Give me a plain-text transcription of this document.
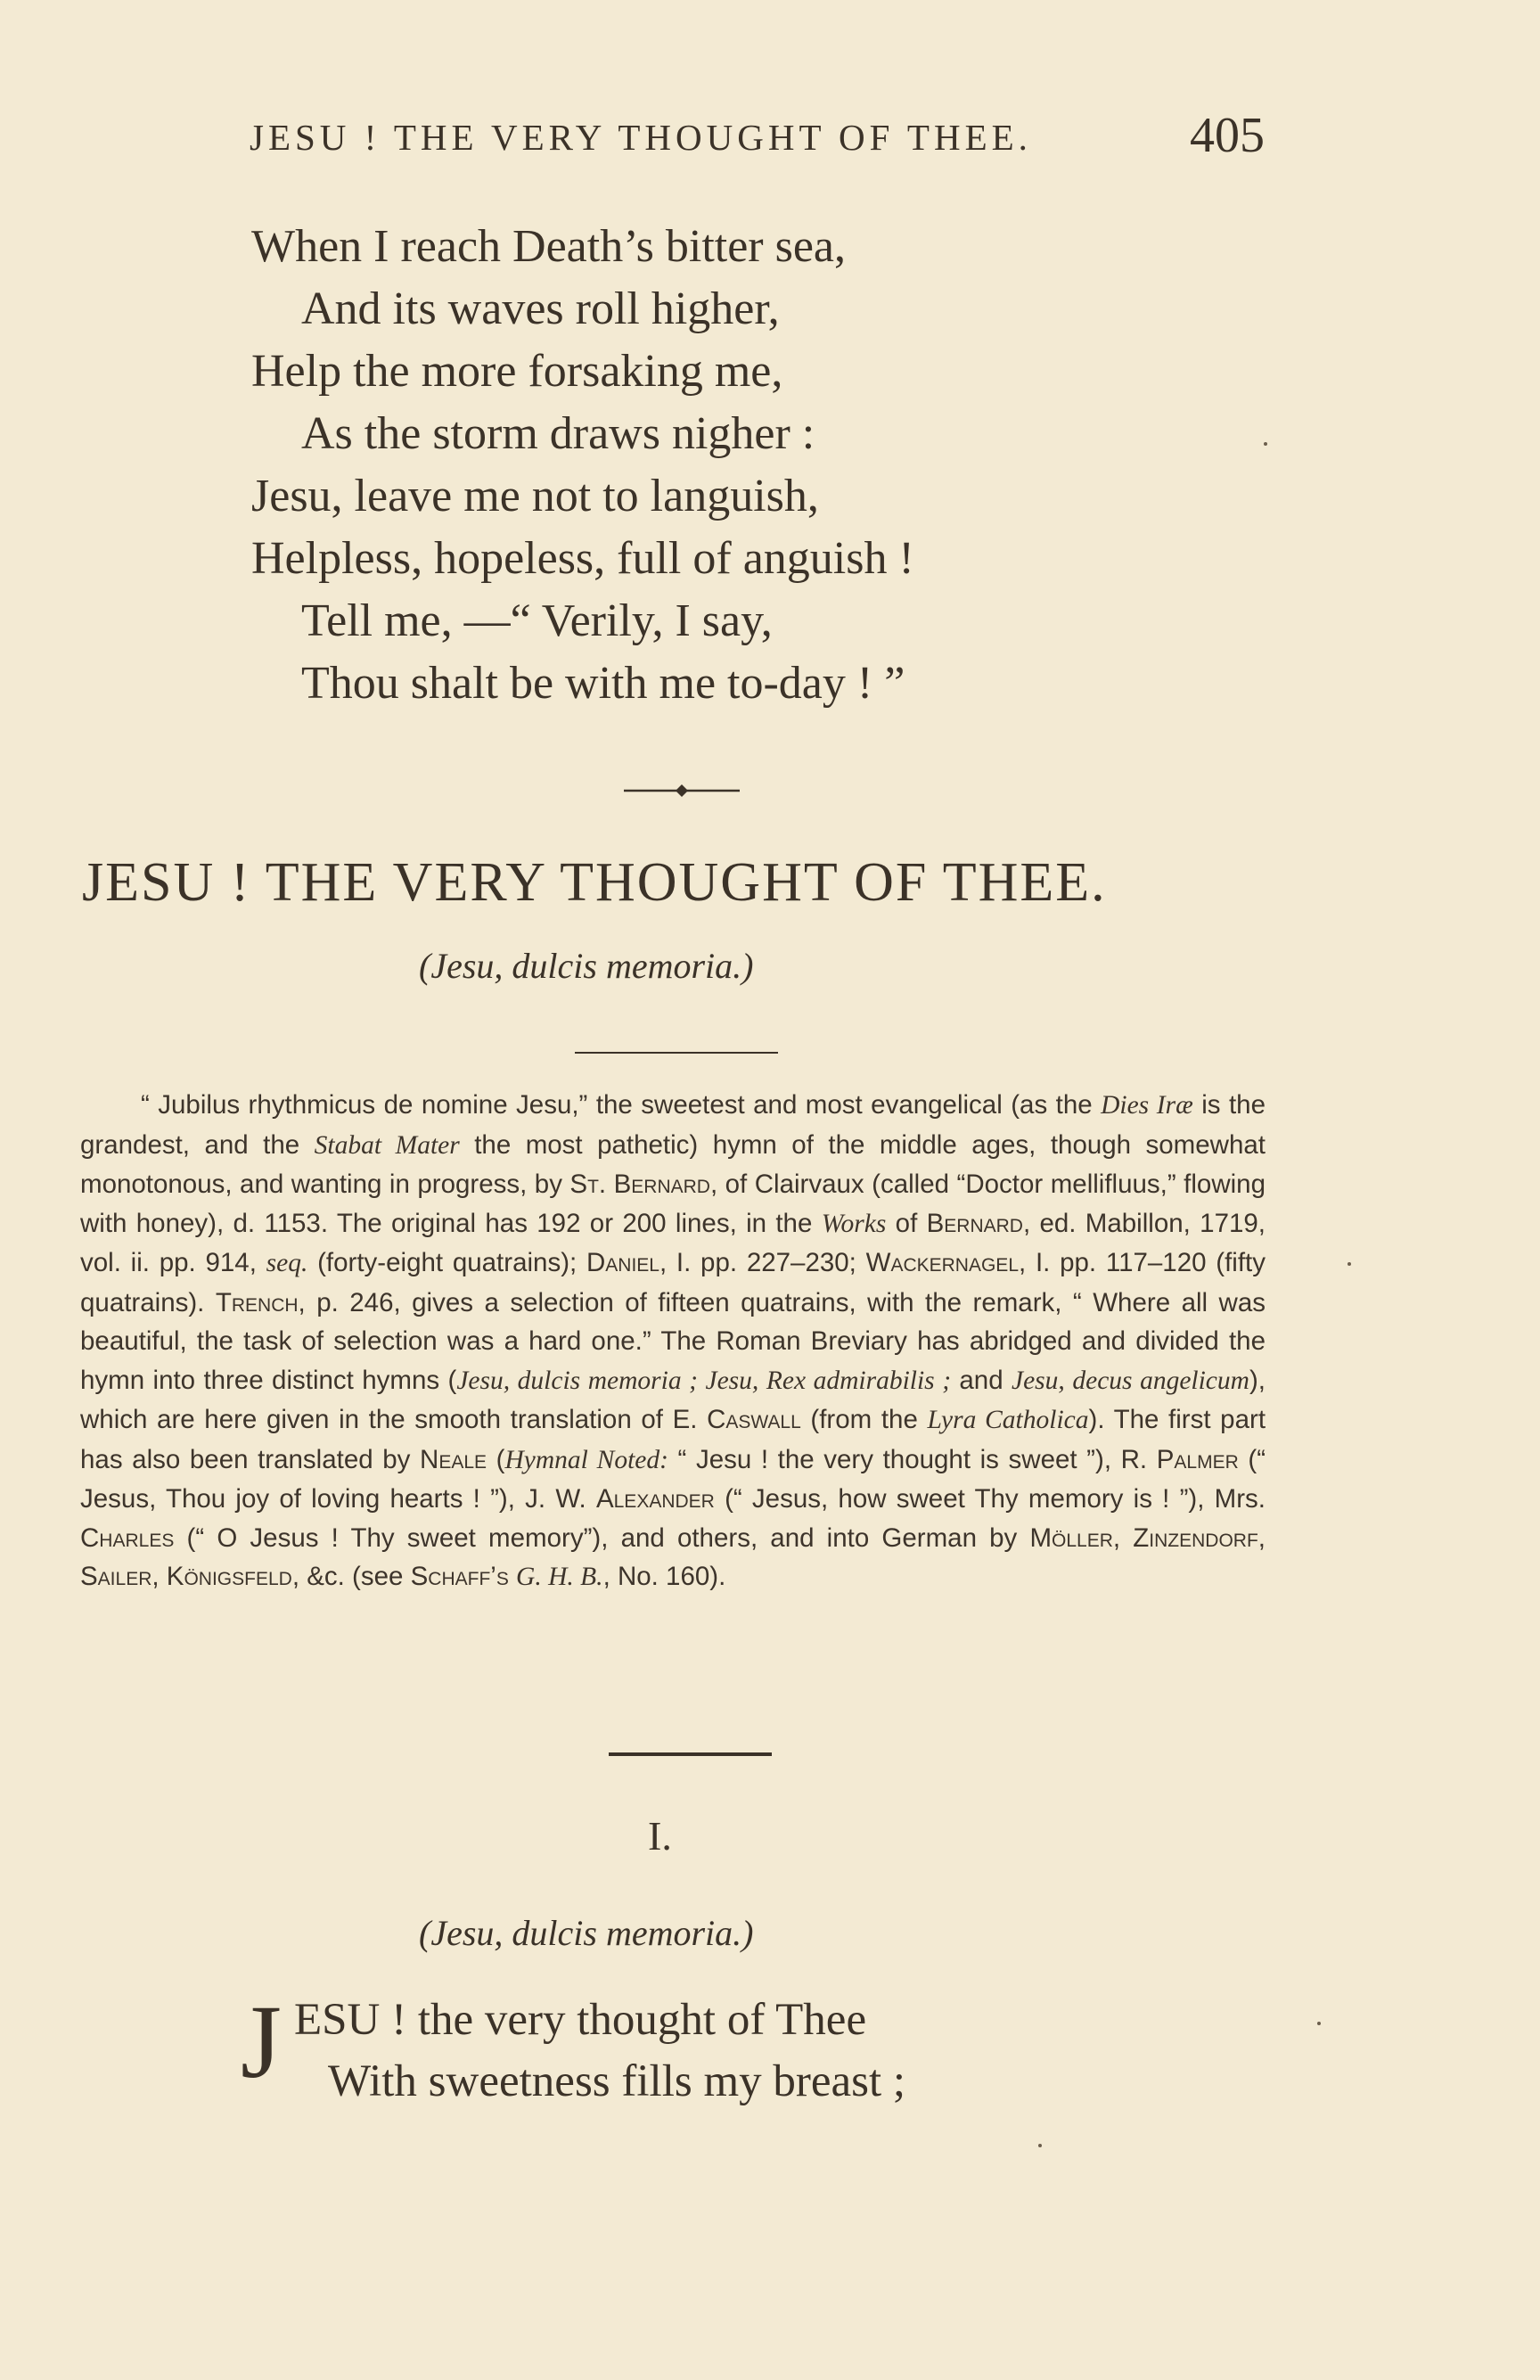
JESU ! THE VERY THOUGHT OF THEE.	405
When I reach Death’s bitter sea,
And its waves roll higher,
Help the more forsaking me,
As the storm draws nigher :
Jesu, leave me not to languish,
Helpless, hopeless, full of anguish !
Tell me, —“ Verily, I say,
Thou shalt be with me to-day ! ”
JESU ! THE VERY THOUGHT OF THEE.
(Jesu, dulcis memoria.)

“ Jubilus rhythmicus de nomine Jesu,” the sweetest and most evangelical (as the Dies Iræ is the grandest, and the Stabat Mater the most pathetic) hymn of the middle ages, though somewhat monotonous, and wanting in progress, by St. Bernard, of Clairvaux (called “Doctor mellifluus,” flowing with honey), d. 1153. The original has 192 or 200 lines, in the Works of Bernard, ed. Mabillon, 1719, vol. ii. pp. 914, seq. (forty-eight quatrains); Daniel, I. pp. 227–230; Wackernagel, I. pp. 117–120 (fifty quatrains). Trench, p. 246, gives a selection of fifteen quatrains, with the remark, “ Where all was beautiful, the task of selection was a hard one.” The Roman Breviary has abridged and divided the hymn into three distinct hymns (Jesu, dulcis memoria ; Jesu, Rex admirabilis ; and Jesu, decus angelicum), which are here given in the smooth translation of E. Caswall (from the Lyra Catholica). The first part has also been translated by Neale (Hymnal Noted: “ Jesu ! the very thought is sweet ”), R. Palmer (“ Jesus, Thou joy of loving hearts ! ”), J. W. Alexander (“ Jesus, how sweet Thy memory is ! ”), Mrs. Charles (“ O Jesus ! Thy sweet memory”), and others, and into German by Möller, Zinzendorf, Sailer, Königsfeld, &c. (see Schaff’s G. H. B., No. 160).

I.
(Jesu, dulcis memoria.)
J ESU ! the very thought of Thee
With sweetness fills my breast ;
